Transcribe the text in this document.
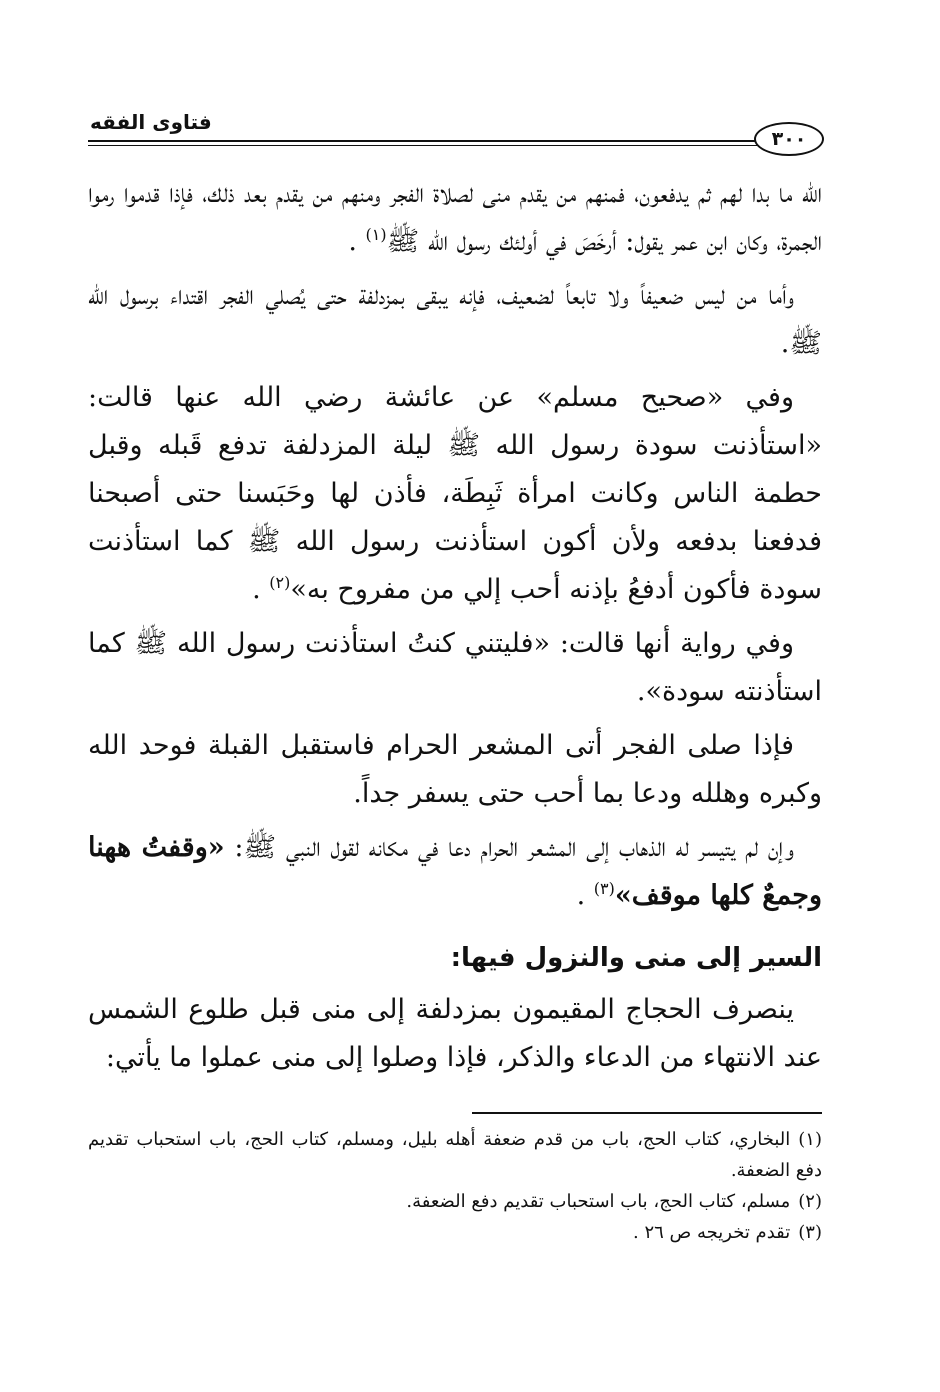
٣٠٠
فتاوى الفقه

الله ما بدا لهم ثم يدفعون، فمنهم من يقدم منى لصلاة الفجر ومنهم من يقدم بعد ذلك، فإذا قدموا رموا الجمرة، وكان ابن عمر يقول: أرخَصَ في أولئك رسول الله ﷺ$^{(١)}$ .

وأما من ليس ضعيفاً ولا تابعاً لضعيف، فإنه يبقى بمزدلفة حتى يُصلي الفجر اقتداء برسول الله ﷺ.

وفي «صحيح مسلم» عن عائشة رضي الله عنها قالت: «استأذنت سودة رسول الله ﷺ ليلة المزدلفة تدفع قَبله وقبل حطمة الناس وكانت امرأة ثَبِطَة، فأذن لها وحَبَسنا حتى أصبحنا فدفعنا بدفعه ولأن أكون استأذنت رسول الله ﷺ كما استأذنت سودة فأكون أدفعُ بإذنه أحب إلي من مفروح به»$^{(٢)}$ .

وفي رواية أنها قالت: «فليتني كنتُ استأذنت رسول الله ﷺ كما استأذنته سودة».

فإذا صلى الفجر أتى المشعر الحرام فاستقبل القبلة فوحد الله وكبره وهلله ودعا بما أحب حتى يسفر جداً.

وإن لم يتيسر له الذهاب إلى المشعر الحرام دعا في مكانه لقول النبي ﷺ: «وقفتُ ههنا وجمعٌ كلها موقف»$^{(٣)}$ .

السير إلى منى والنزول فيها:

ينصرف الحجاج المقيمون بمزدلفة إلى منى قبل طلوع الشمس عند الانتهاء من الدعاء والذكر، فإذا وصلوا إلى منى عملوا ما يأتي:

(١)البخاري، كتاب الحج، باب من قدم ضعفة أهله بليل، ومسلم، كتاب الحج، باب استحباب تقديم دفع الضعفة.

(٢)مسلم، كتاب الحج، باب استحباب تقديم دفع الضعفة.

(٣)تقدم تخريجه ص ٢٦ .
